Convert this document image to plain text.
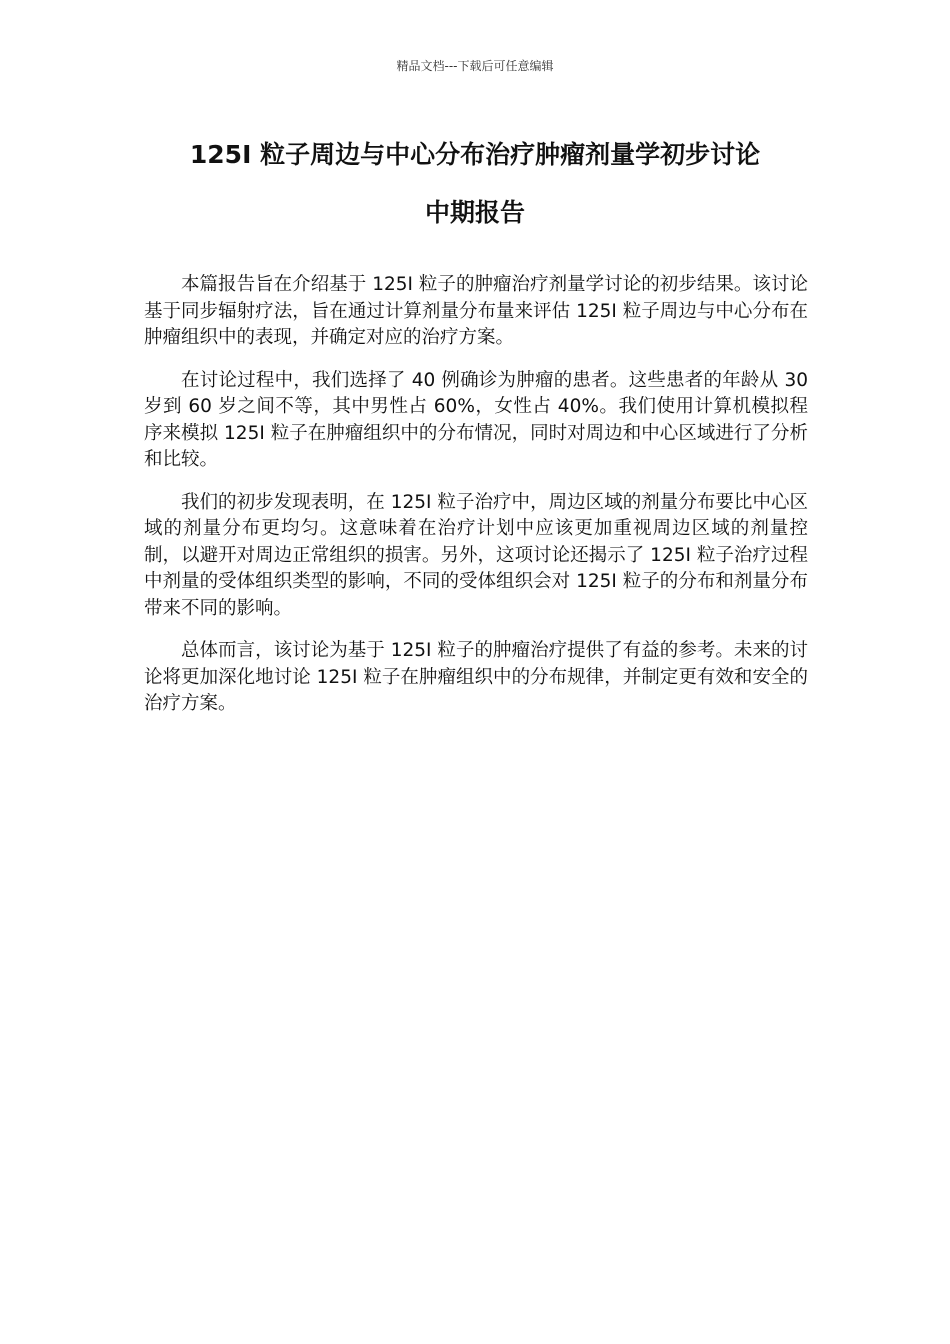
精品文档---下载后可任意编辑
125I 粒子周边与中心分布治疗肿瘤剂量学初步讨论
中期报告

本篇报告旨在介绍基于 125I 粒子的肿瘤治疗剂量学讨论的初步结果。该讨论基于同步辐射疗法，旨在通过计算剂量分布量来评估 125I 粒子周边与中心分布在肿瘤组织中的表现，并确定对应的治疗方案。

在讨论过程中，我们选择了 40 例确诊为肿瘤的患者。这些患者的年龄从 30 岁到 60 岁之间不等，其中男性占 60%，女性占 40%。我们使用计算机模拟程序来模拟 125I 粒子在肿瘤组织中的分布情况，同时对周边和中心区域进行了分析和比较。

我们的初步发现表明，在 125I 粒子治疗中，周边区域的剂量分布要比中心区域的剂量分布更均匀。这意味着在治疗计划中应该更加重视周边区域的剂量控制，以避开对周边正常组织的损害。另外，这项讨论还揭示了 125I 粒子治疗过程中剂量的受体组织类型的影响，不同的受体组织会对 125I 粒子的分布和剂量分布带来不同的影响。

总体而言，该讨论为基于 125I 粒子的肿瘤治疗提供了有益的参考。未来的讨论将更加深化地讨论 125I 粒子在肿瘤组织中的分布规律，并制定更有效和安全的治疗方案。
